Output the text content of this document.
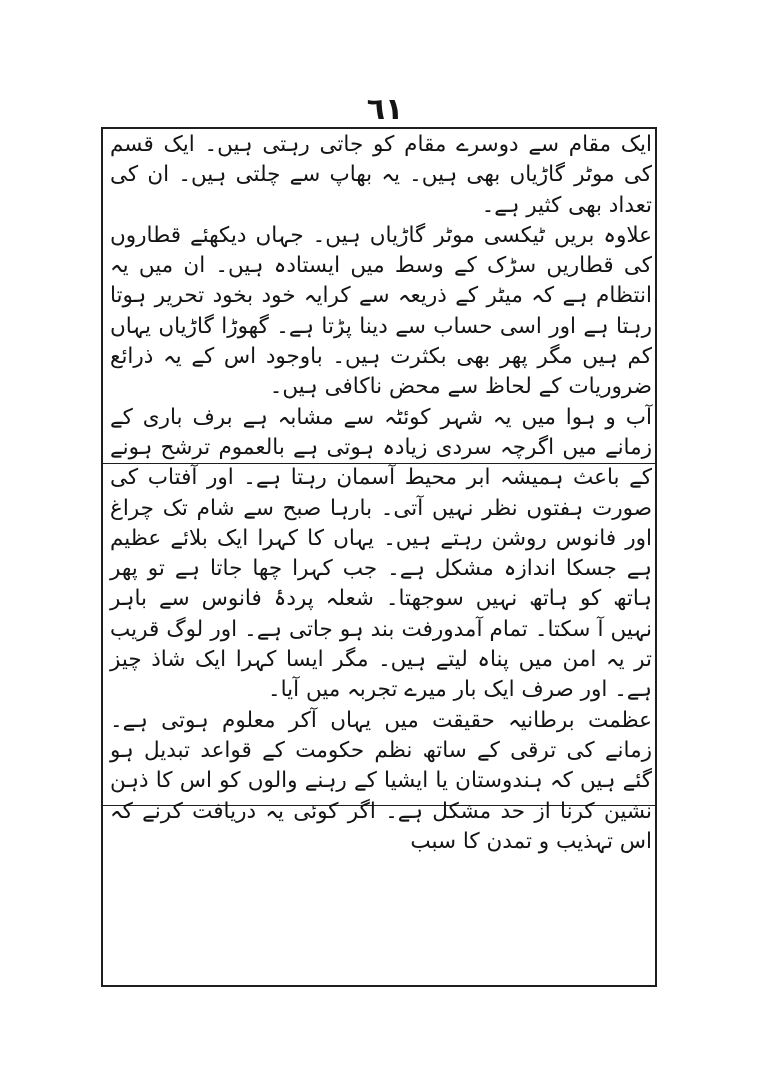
٦١

ایک مقام سے دوسرے مقام کو جاتی رہتی ہیں۔ ایک قسم کی موٹر گاڑیاں بھی ہیں۔ یہ بھاپ سے چلتی ہیں۔ ان کی تعداد بھی کثیر ہے۔

علاوہ بریں ٹیکسی موٹر گاڑیاں ہیں۔ جہاں دیکھئے قطاروں کی قطاریں سڑک کے وسط میں ایستادہ ہیں۔ ان میں یہ انتظام ہے کہ میٹر کے ذریعہ سے کرایہ خود بخود تحریر ہوتا رہتا ہے اور اسی حساب سے دینا پڑتا ہے۔ گھوڑا گاڑیاں یہاں کم ہیں مگر پھر بھی بکثرت ہیں۔ باوجود اس کے یہ ذرائع ضروریات کے لحاظ سے محض ناکافی ہیں۔

آب و ہوا میں یہ شہر کوئٹہ سے مشابہ ہے برف باری کے زمانے میں اگرچہ سردی زیادہ ہوتی ہے بالعموم ترشح ہونے کے باعث ہمیشہ ابر محیط آسمان رہتا ہے۔ اور آفتاب کی صورت ہفتوں نظر نہیں آتی۔ بارہا صبح سے شام تک چراغ اور فانوس روشن رہتے ہیں۔ یہاں کا کہرا ایک بلائے عظیم ہے جسکا اندازہ مشکل ہے۔ جب کہرا چھا جاتا ہے تو پھر ہاتھ کو ہاتھ نہیں سوجھتا۔ شعلہ پردۂ فانوس سے باہر نہیں آ سکتا۔ تمام آمدورفت بند ہو جاتی ہے۔ اور لوگ قریب تر یہ امن میں پناہ لیتے ہیں۔ مگر ایسا کہرا ایک شاذ چیز ہے۔ اور صرف ایک بار میرے تجربہ میں آیا۔

عظمت برطانیہ حقیقت میں یہاں آکر معلوم ہوتی ہے۔ زمانے کی ترقی کے ساتھ نظم حکومت کے قواعد تبدیل ہو گئے ہیں کہ ہندوستان یا ایشیا کے رہنے والوں کو اس کا ذہن نشین کرنا از حد مشکل ہے۔ اگر کوئی یہ دریافت کرنے کہ اس تہذیب و تمدن کا سبب
